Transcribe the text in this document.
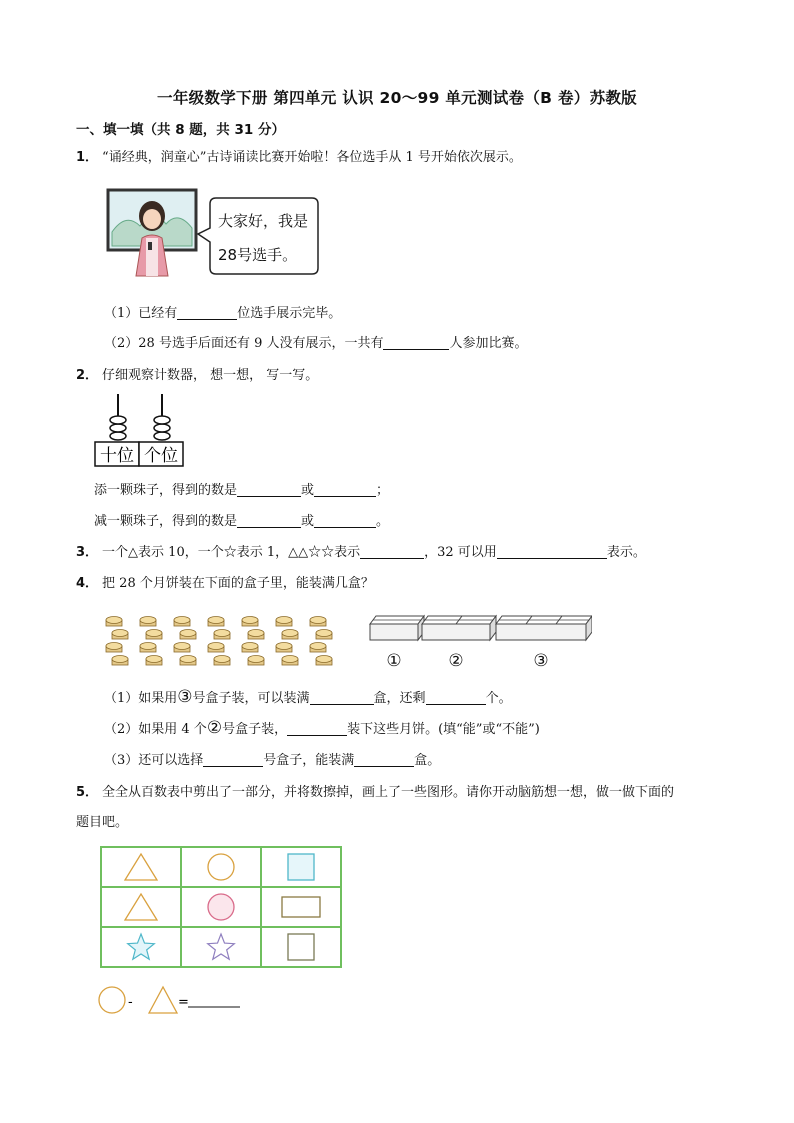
一年级数学下册 第四单元 认识 20～99 单元测试卷（B 卷）苏教版
一、填一填（共 8 题，共 31 分）
1． “诵经典，润童心”古诗诵读比赛开始啦！各位选手从 1 号开始依次展示。
大家好，我是
28号选手。
（1）已经有	位选手展示完毕。
（2）28 号选手后面还有 9 人没有展示，一共有	人参加比赛。
2． 仔细观察计数器， 想一想， 写一写。
十位 个位
添一颗珠子，得到的数是	或	；
减一颗珠子，得到的数是	或	。
3． 一个△表示 10，一个☆表示 1，△△☆☆表示	，32 可以用	表示。
4． 把 28 个月饼装在下面的盒子里，能装满几盒？
①	②	③
（1）如果用③号盒子装，可以装满	盒，还剩	个。
（2）如果用 4 个②号盒子装，	装下这些月饼。(填“能”或“不能”)
（3）还可以选择	号盒子，能装满	盒。
5． 全全从百数表中剪出了一部分，并将数擦掉，画上了一些图形。请你开动脑筋想一想，做一做下面的
题目吧。
-	=
